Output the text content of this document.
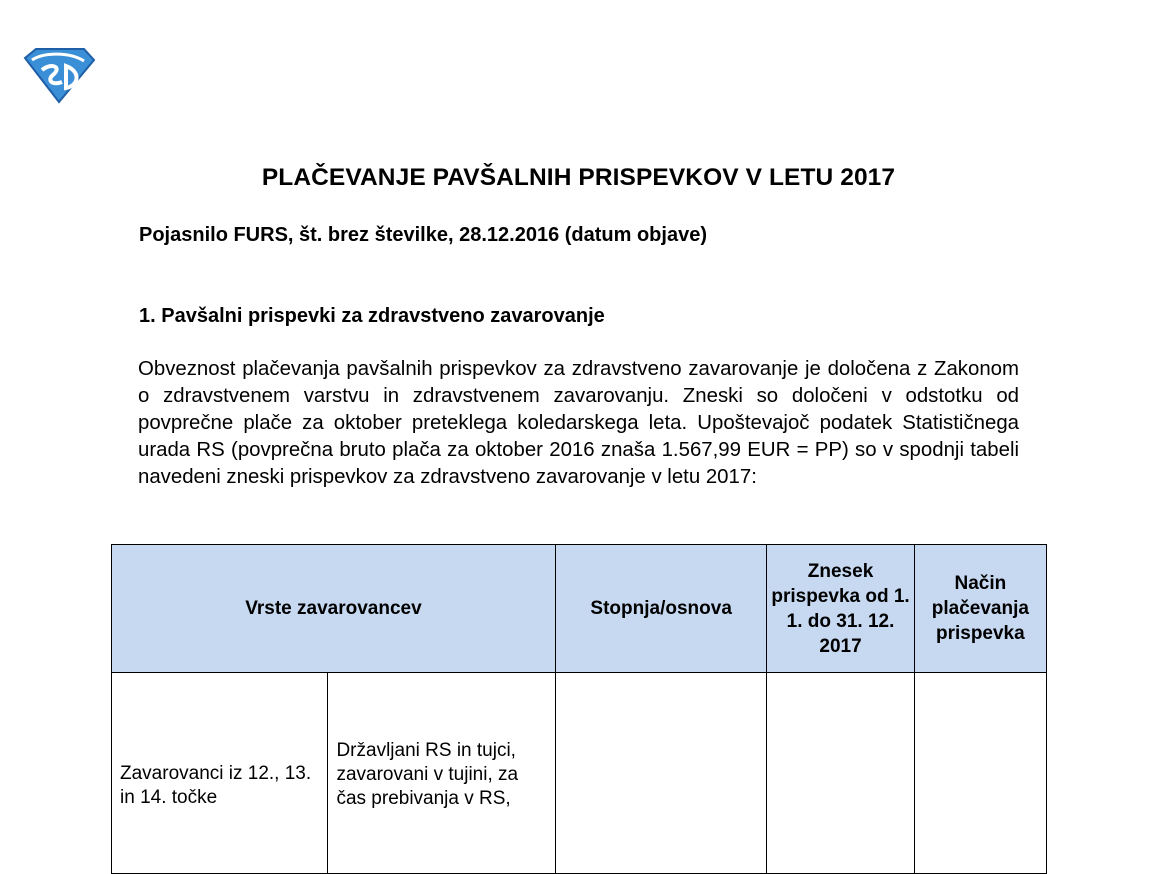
PLAČEVANJE PAVŠALNIH PRISPEVKOV V LETU 2017
Pojasnilo FURS, št. brez številke, 28.12.2016 (datum objave)
1. Pavšalni prispevki za zdravstveno zavarovanje
Obveznost plačevanja pavšalnih prispevkov za zdravstveno zavarovanje je določena z Zakonom o zdravstvenem varstvu in zdravstvenem zavarovanju. Zneski so določeni v odstotku od povprečne plače za oktober preteklega koledarskega leta. Upoštevajoč podatek Statističnega urada RS (povprečna bruto plača za oktober 2016 znaša 1.567,99 EUR = PP) so v spodnji tabeli navedeni zneski prispevkov za zdravstveno zavarovanje v letu 2017:
Vrste zavarovancev		Stopnja/osnova	Znesek prispevka od 1. 1. do 31. 12. 2017	Način plačevanja prispevka

Zavarovanci iz 12., 13. in 14. točke	Državljani RS in tujci, zavarovani v tujini, za čas prebivanja v RS,			
